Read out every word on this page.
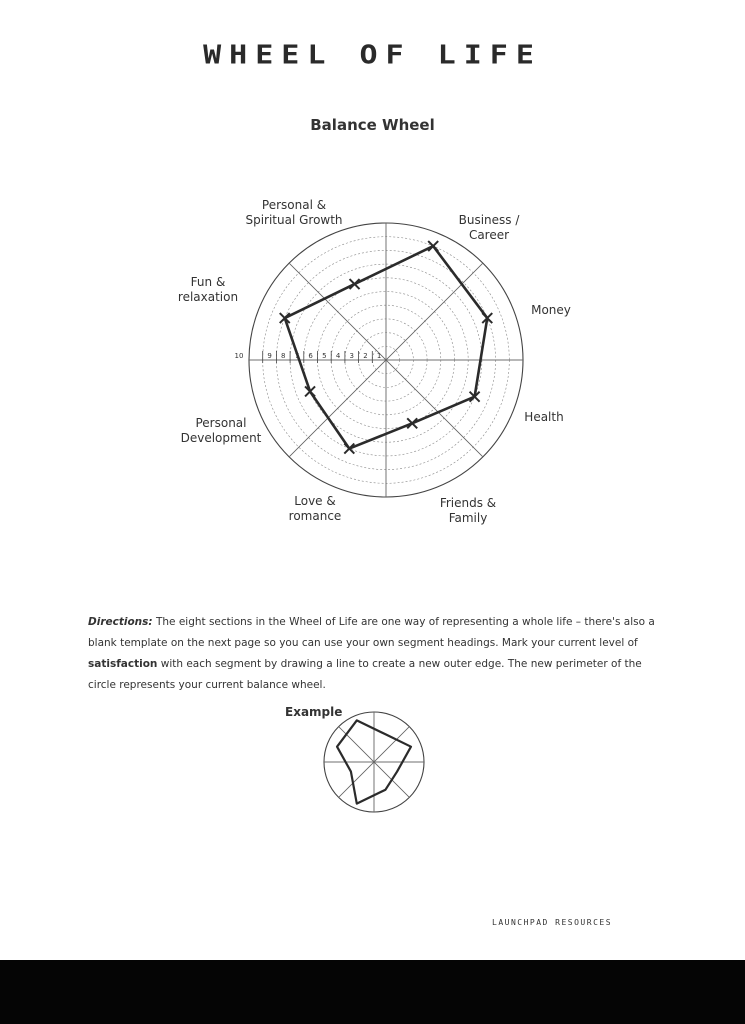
WHEEL OF LIFE
Balance Wheel
Personal &
Spiritual Growth	Business /
Career
Fun &
relaxation
Money
Health
Personal
Development
Love &
romance
Friends &
Family
10	9 8 7 6 5 4 3 2 1
Directions: The eight sections in the Wheel of Life are one way of representing a whole life – there's also a blank template on the next page so you can use your own segment headings. Mark your current level of satisfaction with each segment by drawing a line to create a new outer edge. The new perimeter of the circle represents your current balance wheel.
Example
LAUNCHPAD RESOURCES
